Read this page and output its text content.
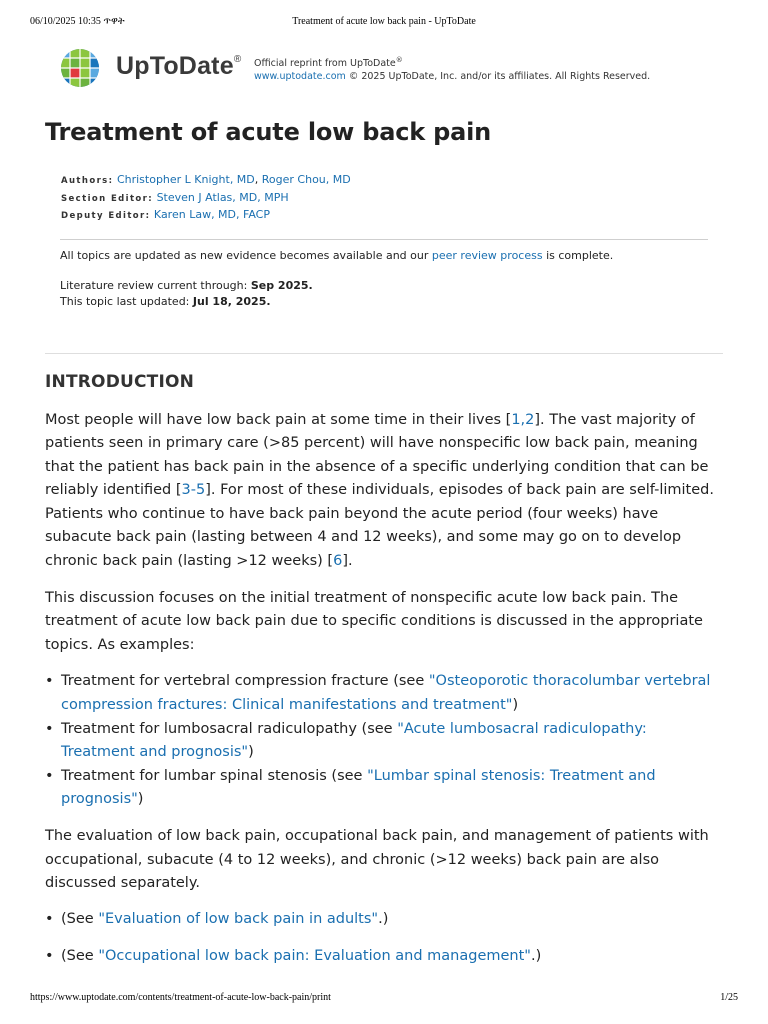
06/10/2025 10:35 ጥዋት	Treatment of acute low back pain - UpToDate
UpToDate® Official reprint from UpToDate®
www.uptodate.com © 2025 UpToDate, Inc. and/or its affiliates. All Rights Reserved.
Treatment of acute low back pain
Authors: Christopher L Knight, MD, Roger Chou, MD
Section Editor: Steven J Atlas, MD, MPH
Deputy Editor: Karen Law, MD, FACP

All topics are updated as new evidence becomes available and our peer review process is complete.

Literature review current through: Sep 2025.

This topic last updated: Jul 18, 2025.

INTRODUCTION

Most people will have low back pain at some time in their lives [1,2]. The vast majority of patients seen in primary care (>85 percent) will have nonspecific low back pain, meaning that the patient has back pain in the absence of a specific underlying condition that can be reliably identified [3-5]. For most of these individuals, episodes of back pain are self-limited. Patients who continue to have back pain beyond the acute period (four weeks) have subacute back pain (lasting between 4 and 12 weeks), and some may go on to develop chronic back pain (lasting >12 weeks) [6].

This discussion focuses on the initial treatment of nonspecific acute low back pain. The treatment of acute low back pain due to specific conditions is discussed in the appropriate topics. As examples:

• Treatment for vertebral compression fracture (see "Osteoporotic thoracolumbar vertebral compression fractures: Clinical manifestations and treatment")
• Treatment for lumbosacral radiculopathy (see "Acute lumbosacral radiculopathy: Treatment and prognosis")
• Treatment for lumbar spinal stenosis (see "Lumbar spinal stenosis: Treatment and prognosis")

The evaluation of low back pain, occupational back pain, and management of patients with occupational, subacute (4 to 12 weeks), and chronic (>12 weeks) back pain are also discussed separately.

• (See "Evaluation of low back pain in adults".)
• (See "Occupational low back pain: Evaluation and management".)
https://www.uptodate.com/contents/treatment-of-acute-low-back-pain/print	1/25
